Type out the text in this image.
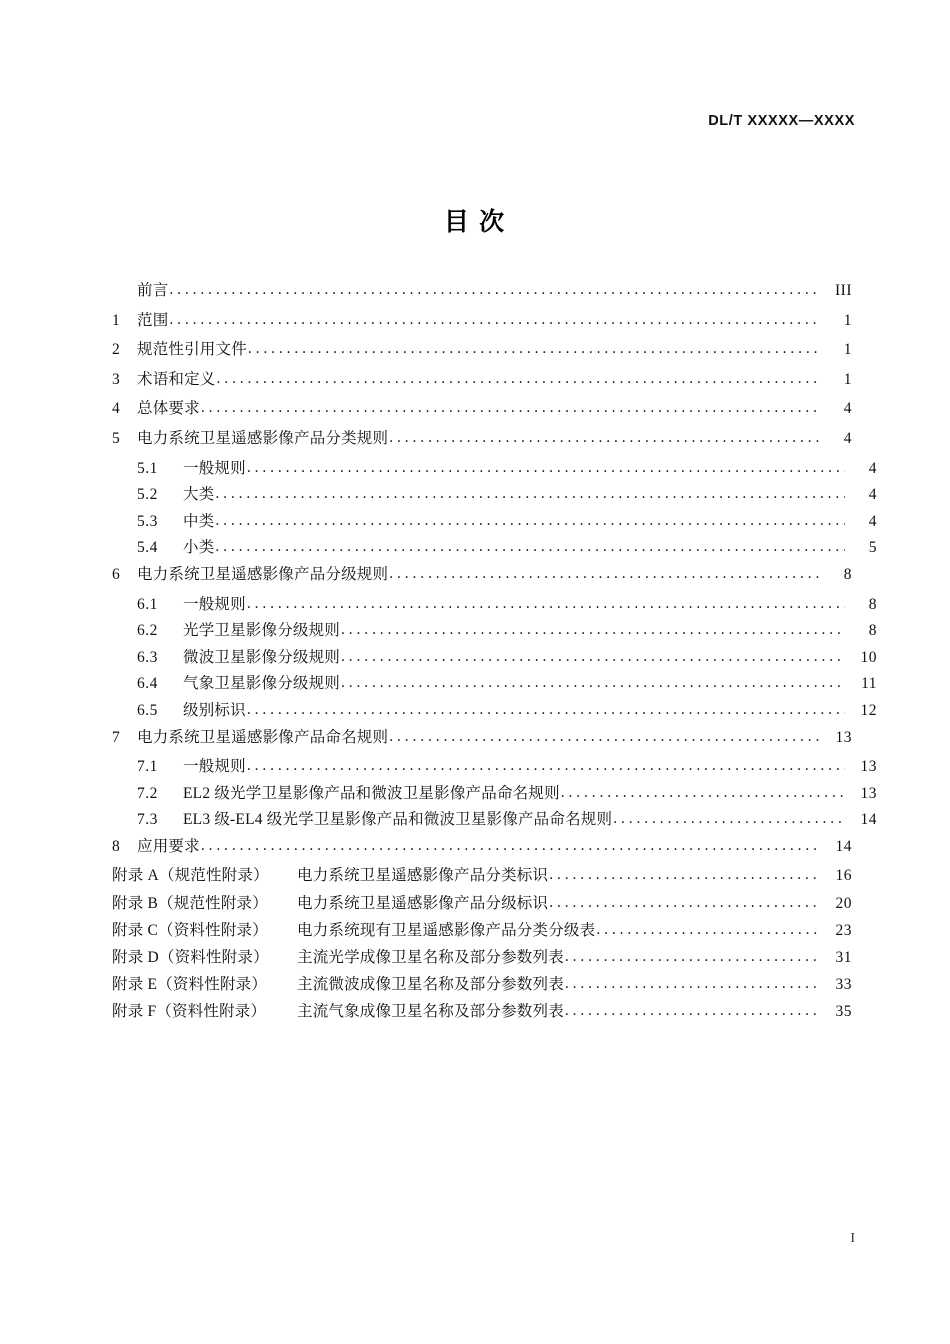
DL/T XXXXX—XXXX
目 次
前言 . . .	III
1	范围 . . .	1
2	规范性引用文件 . . .	1
3	术语和定义 . . .	1
4	总体要求 . . .	4
5	电力系统卫星遥感影像产品分类规则 . . .	4
5.1	一般规则 . . .	4
5.2	大类 . . .	4
5.3	中类 . . .	4
5.4	小类 . . .	5
6	电力系统卫星遥感影像产品分级规则 . . .	8
6.1	一般规则 . . .	8
6.2	光学卫星影像分级规则 . . .	8
6.3	微波卫星影像分级规则 . . .	10
6.4	气象卫星影像分级规则 . . .	11
6.5	级别标识 . . .	12
7	电力系统卫星遥感影像产品命名规则 . . .	13
7.1	一般规则 . . .	13
7.2	EL2 级光学卫星影像产品和微波卫星影像产品命名规则 . . .	13
7.3	EL3 级-EL4 级光学卫星影像产品和微波卫星影像产品命名规则 . . .	14
8	应用要求 . . .	14
附录 A（规范性附录）	电力系统卫星遥感影像产品分类标识 . . .	16
附录 B（规范性附录）	电力系统卫星遥感影像产品分级标识 . . .	20
附录 C（资料性附录）	电力系统现有卫星遥感影像产品分类分级表 . . .	23
附录 D（资料性附录）	主流光学成像卫星名称及部分参数列表 . . .	31
附录 E（资料性附录）	主流微波成像卫星名称及部分参数列表 . . .	33
附录 F（资料性附录）	主流气象成像卫星名称及部分参数列表 . . .	35
I
